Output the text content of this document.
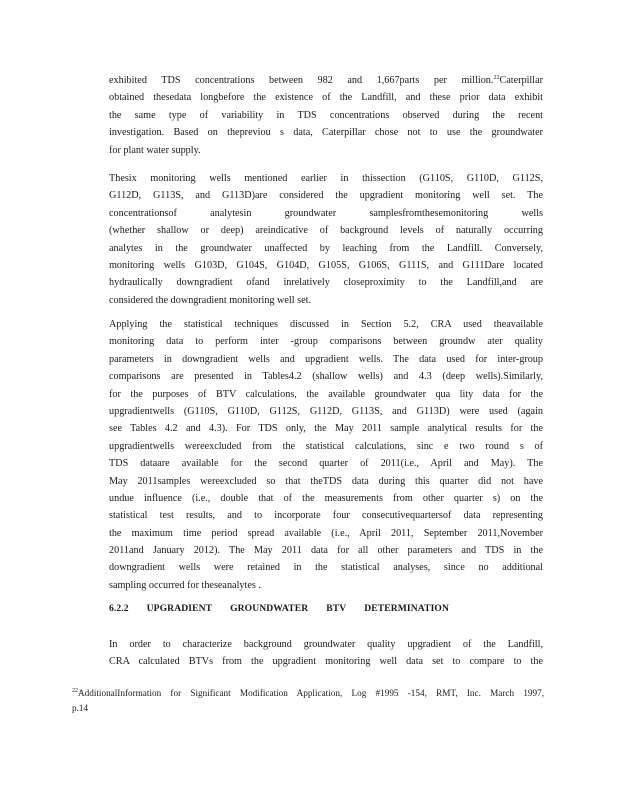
exhibited TDS concentrations between 982 and 1,667parts per million.$^{22}$Caterpillar
obtained thesedata longbefore the existence of the Landfill, and these prior data exhibit
the same type of variability in TDS concentrations observed during the recent
investigation. Based on thepreviou s data, Caterpillar chose not to use the groundwater
for plant water supply.
Thesix monitoring wells mentioned earlier in thissection (G110S, G110D, G112S,
G112D, G113S, and G113D)are considered the upgradient monitoring well set. The
concentrationsof analytesin groundwater samplesfromthesemonitoring wells
(whether shallow or deep) areindicative of background levels of naturally occurring
analytes in the groundwater unaffected by leaching from the Landfill. Conversely,
monitoring wells G103D, G104S, G104D, G105S, G106S, G111S, and G111Dare located
hydraulically downgradient ofand inrelatively closeproximity to the Landfill,and are
considered the downgradient monitoring well set.
Applying the statistical techniques discussed in Section 5.2, CRA used theavailable
monitoring data to perform inter -group comparisons between groundw ater quality
parameters in downgradient wells and upgradient wells. The data used for inter-group
comparisons are presented in Tables4.2 (shallow wells) and 4.3 (deep wells).Similarly,
for the purposes of BTV calculations, the available groundwater qua lity data for the
upgradientwells (G110S, G110D, G112S, G112D, G113S, and G113D) were used (again
see Tables 4.2 and 4.3). For TDS only, the May 2011 sample analytical results for the
upgradientwells wereexcluded from the statistical calculations, sinc e two round s of
TDS dataare available for the second quarter of 2011(i.e., April and May). The
May 2011samples wereexcluded so that theTDS data during this quarter did not have
undue influence (i.e., double that of the measurements from other quarter s) on the
statistical test results, and to incorporate four consecutivequartersof data representing
the maximum time period spread available (i.e., April 2011, September 2011,November
2011and January 2012). The May 2011 data for all other parameters and TDS in the
downgradient wells were retained in the statistical analyses, since no additional
sampling occurred for theseanalytes .
6.2.2 UPGRADIENT GROUNDWATER BTV DETERMINATION
In order to characterize background groundwater quality upgradient of the Landfill,
CRA calculated BTVs from the upgradient monitoring well data set to compare to the
$^{22}$AdditionalInformation for Significant Modification Application, Log #1995 -154, RMT, Inc. March 1997,
p.14
